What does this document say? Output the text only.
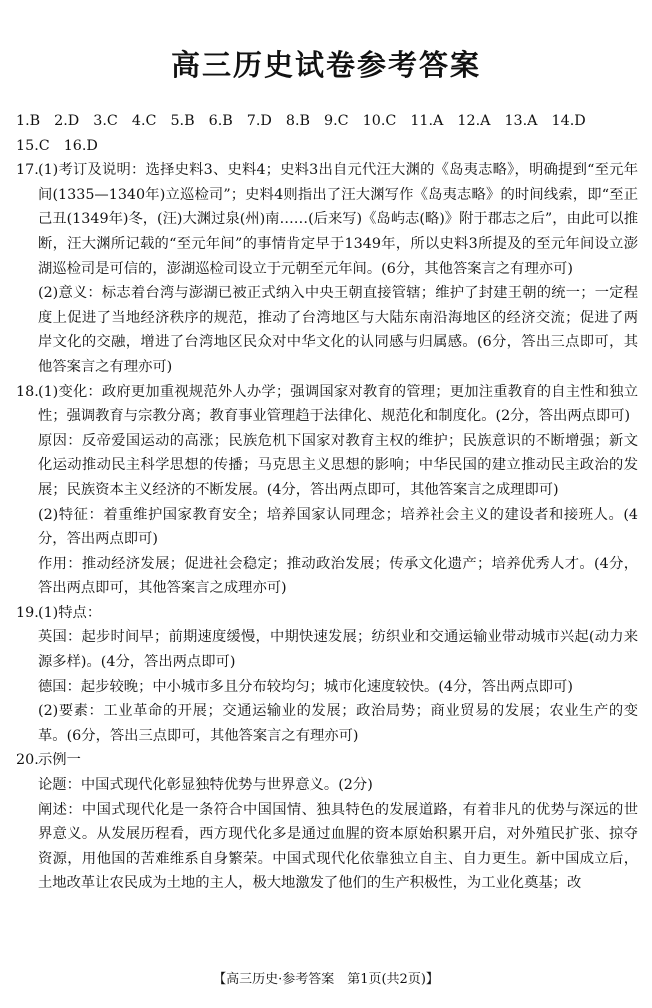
高三历史试卷参考答案
1.B 2.D 3.C 4.C 5.B 6.B 7.D 8.B 9.C 10.C 11.A 12.A 13.A 14.D
15.C 16.D
17. (1)考订及说明：选择史料3、史料4；史料3出自元代汪大渊的《岛夷志略》，明确提到“至元年间(1335—1340年)立巡检司”；史料4则指出了汪大渊写作《岛夷志略》的时间线索，即“至正己丑(1349年)冬，(汪)大渊过泉(州)南……(后来写)《岛屿志(略)》附于郡志之后”，由此可以推断，汪大渊所记载的“至元年间”的事情肯定早于1349年，所以史料3所提及的至元年间设立澎湖巡检司是可信的，澎湖巡检司设立于元朝至元年间。(6分，其他答案言之有理亦可)

(2)意义：标志着台湾与澎湖已被正式纳入中央王朝直接管辖；维护了封建王朝的统一；一定程度上促进了当地经济秩序的规范，推动了台湾地区与大陆东南沿海地区的经济交流；促进了两岸文化的交融，增进了台湾地区民众对中华文化的认同感与归属感。(6分，答出三点即可，其他答案言之有理亦可)

18. (1)变化：政府更加重视规范外人办学；强调国家对教育的管理；更加注重教育的自主性和独立性；强调教育与宗教分离；教育事业管理趋于法律化、规范化和制度化。(2分，答出两点即可)

原因：反帝爱国运动的高涨；民族危机下国家对教育主权的维护；民族意识的不断增强；新文化运动推动民主科学思想的传播；马克思主义思想的影响；中华民国的建立推动民主政治的发展；民族资本主义经济的不断发展。(4分，答出两点即可，其他答案言之成理即可)

(2)特征：着重维护国家教育安全；培养国家认同理念；培养社会主义的建设者和接班人。(4分，答出两点即可)

作用：推动经济发展；促进社会稳定；推动政治发展；传承文化遗产；培养优秀人才。(4分，答出两点即可，其他答案言之成理亦可)

19. (1)特点：

英国：起步时间早；前期速度缓慢，中期快速发展；纺织业和交通运输业带动城市兴起(动力来源多样)。(4分，答出两点即可)

德国：起步较晚；中小城市多且分布较均匀；城市化速度较快。(4分，答出两点即可)

(2)要素：工业革命的开展；交通运输业的发展；政治局势；商业贸易的发展；农业生产的变革。(6分，答出三点即可，其他答案言之有理亦可)

20. 示例一

论题：中国式现代化彰显独特优势与世界意义。(2分)

阐述：中国式现代化是一条符合中国国情、独具特色的发展道路，有着非凡的优势与深远的世界意义。从发展历程看，西方现代化多是通过血腥的资本原始积累开启，对外殖民扩张、掠夺资源，用他国的苦难维系自身繁荣。中国式现代化依靠独立自主、自力更生。新中国成立后，土地改革让农民成为土地的主人，极大地激发了他们的生产积极性，为工业化奠基；改

【高三历史·参考答案　第1页(共2页)】
